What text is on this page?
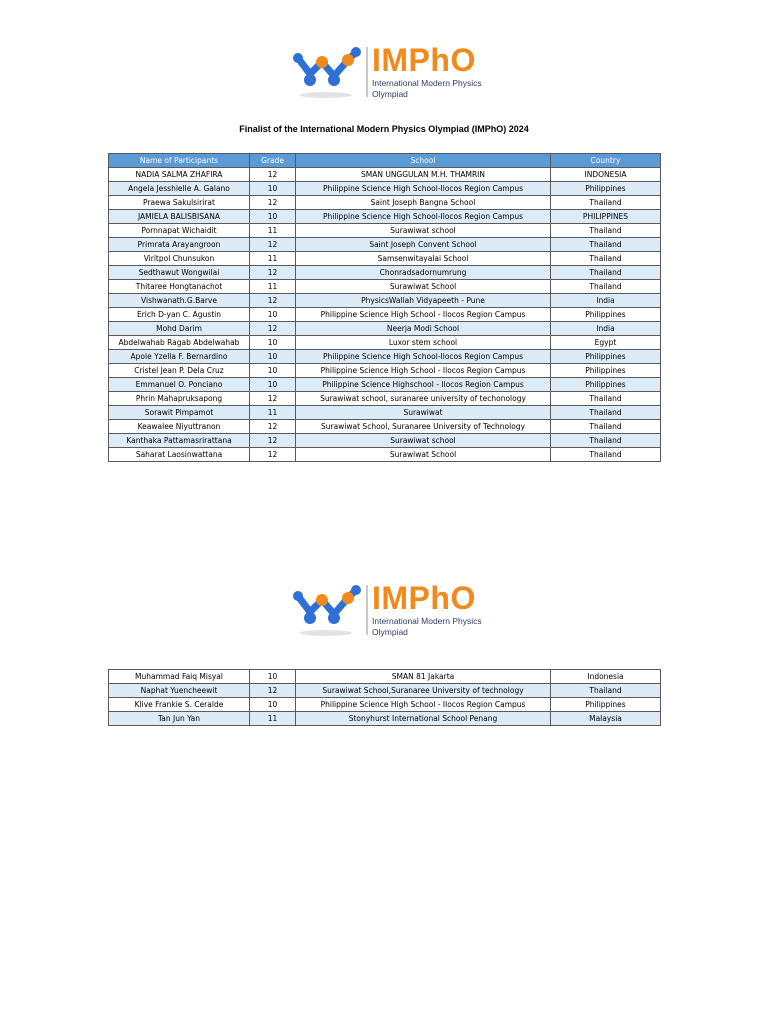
IMPhO
International Modern Physics
Olympiad
Finalist of the International Modern Physics Olympiad (IMPhO) 2024
Name of Participants	Grade	School	Country
NADIA SALMA ZHAFIRA	12	SMAN UNGGULAN M.H. THAMRIN	INDONESIA
Angela Jesshielle A. Galano	10	Philippine Science High School-Ilocos Region Campus	Philippines
Praewa Sakulsirirat	12	Saint Joseph Bangna School	Thailand
JAMIELA BALISBISANA	10	Philippine Science High School-Ilocos Region Campus	PHILIPPINES
Pornnapat Wichaidit	11	Surawiwat school	Thailand
Primrata Arayangroon	12	Saint Joseph Convent School	Thailand
Viritpol Chunsukon	11	Samsenwitayalai School	Thailand
Sedthawut Wongwilai	12	Chonradsadornumrung	Thailand
Thitaree Hongtanachot	11	Surawiwat School	Thailand
Vishwanath.G.Barve	12	PhysicsWallah Vidyapeeth - Pune	India
Erich D-yan C. Agustin	10	Philippine Science High School - Ilocos Region Campus	Philippines
Mohd Darim	12	Neerja Modi School	India
Abdelwahab Ragab Abdelwahab	10	Luxor stem school	Egypt
Apole Yzella F. Bernardino	10	Philippine Science High School-Ilocos Region Campus	Philippines
Cristel Jean P. Dela Cruz	10	Philippine Science High School - Ilocos Region Campus	Philippines
Emmanuel O. Ponciano	10	Philippine Science Highschool - Ilocos Region Campus	Philippines
Phrin Mahapruksapong	12	Surawiwat school, suranaree university of techonology	Thailand
Sorawit Pimpamot	11	Surawiwat	Thailand
Keawalee Niyuttranon	12	Surawiwat School, Suranaree University of Technology	Thailand
Kanthaka Pattamasrirattana	12	Surawiwat school	Thailand
Saharat Laosinwattana	12	Surawiwat School	Thailand
IMPhO
International Modern Physics
Olympiad
Muhammad Faiq Misyal	10	SMAN 81 Jakarta	Indonesia
Naphat Yuencheewit	12	Surawiwat School,Suranaree University of technology	Thailand
Klive Frankie S. Ceralde	10	Philippine Science High School - Ilocos Region Campus	Philippines
Tan Jun Yan	11	Stonyhurst International School Penang	Malaysia
